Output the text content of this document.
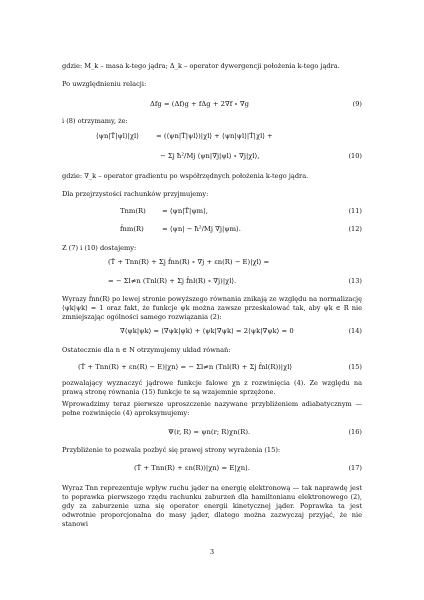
gdzie: M_k – masa k-tego jądra; Δ_k – operator dywergencji położenia k-tego jądra.
Po uwzględnieniu relacji:
Δfg = (Δf)g + fΔg + 2∇f ∘ ∇g	(9)
i (8) otrzymamy, że:
⟨ψn|T̂|ψl⟩|χl⟩	= (⟨ψn|T̂|ψl⟩)|χl⟩ + ⟨ψn|ψl⟩|T̂|χl⟩ +
− Σj ħ²/Mj ⟨ψn|∇j|ψl⟩ ∘ ∇j|χl⟩,	(10)
gdzie: ∇_k – operator gradientu po współrzędnych położenia k-tego jądra.
Dla przejrzystości rachunków przyjmujemy:
Tnm(R) = ⟨ψn|T̂|ψm⟩,	(11)
f̂nm(R)	= ⟨ψn| − ħ²/Mj ∇j|ψm⟩.	(12)
Z (7) i (10) dostajemy:
(T̂ + Tnn(R) + Σj f̂nn(R) ∘ ∇j + εn(R) − E)|χl⟩ =
= − Σl≠n (Tnl(R) + Σj f̂nl(R) ∘ ∇j)|χl⟩.	(13)
Wyrazy f̂nn(R) po lewej stronie powyższego równania znikają ze względu na normalizację ⟨ψk|ψk⟩ = 1 oraz fakt, że funkcje ψk można zawsze przeskalować tak, aby ψk ∈ R nie zmniejszając ogólności samego rozwiązania (2):
∇⟨ψk|ψk⟩ = ⟨∇ψk|ψk⟩ + ⟨ψk|∇ψk⟩ = 2⟨ψk|∇ψk⟩ = 0	(14)
Ostatecznie dla n ∈ N otrzymujemy układ równań:
(T̂ + Tnn(R) + εn(R) − E)|χn⟩ = − Σl≠n (Tnl(R) + Σj f̂nl(R))|χl⟩	(15)
pozwalający wyznaczyć jądrowe funkcje falowe χn z rozwinięcia (4). Ze względu na prawą stronę równania (15) funkcje te są wzajemnie sprzężone.
Wprowadzimy teraz pierwsze uproszczenie nazywane przybliżeniem adiabatycznym — pełne rozwinięcie (4) aproksymujemy:
Ψ(r, R) = ψn(r; R)χn(R).	(16)
Przybliżenie to pozwala pozbyć się prawej strony wyrażenia (15):
(T̂ + Tnn(R) + εn(R))|χn⟩ = E|χn⟩.	(17)
Wyraz Tnn reprezentuje wpływ ruchu jąder na energię elektronową — tak naprawdę jest to poprawka pierwszego rzędu rachunku zaburzeń dla hamiltonianu elektronowego (2), gdy za zaburzenie uzna się operator energii kinetycznej jąder. Poprawka ta jest odwrotnie proporcjonalna do masy jąder, dlatego można zazwyczaj przyjąć, że nie stanowi
3
